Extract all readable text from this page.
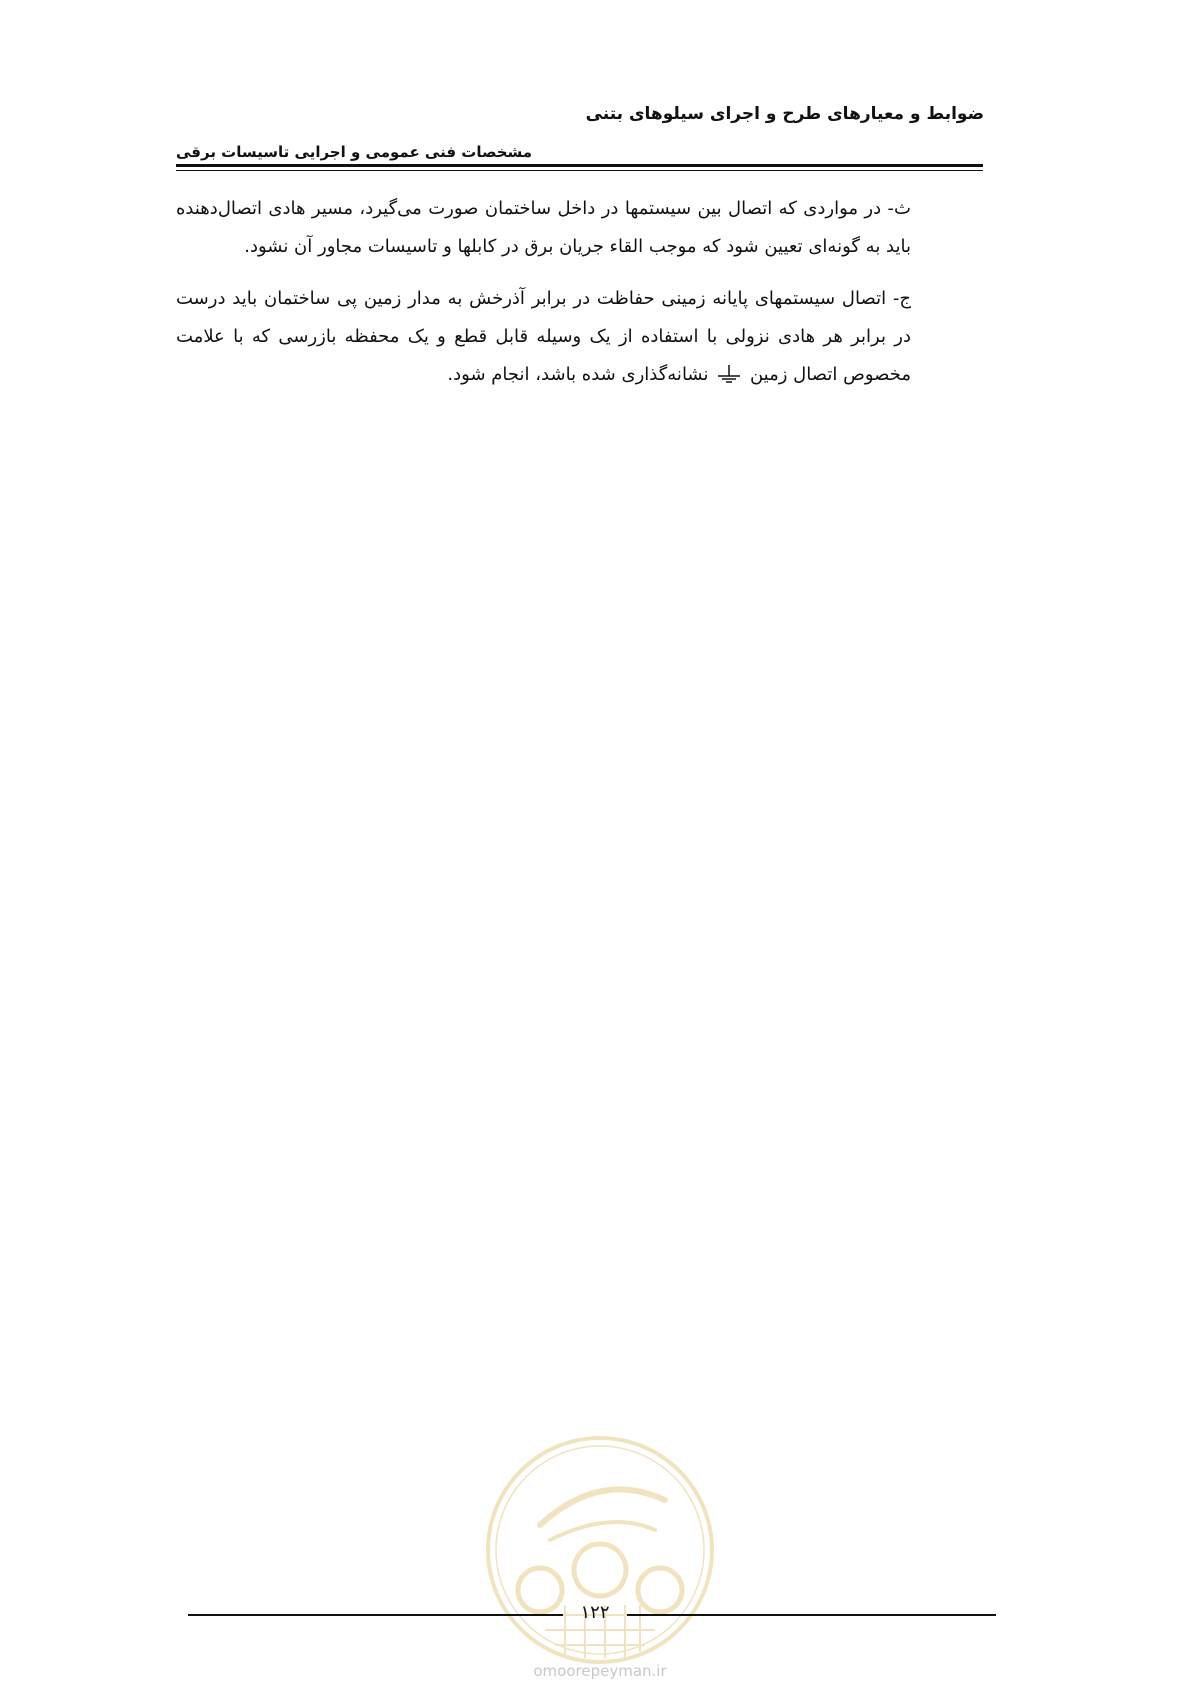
ضوابط و معیارهای طرح و اجرای سیلوهای بتنی
مشخصات فنی عمومی و اجرایی تاسیسات برقی

ث- در مواردی که اتصال بین سیستمها در داخل ساختمان صورت می‌گیرد، مسیر هادی اتصال‌دهنده باید به گونه‌ای تعیین شود که موجب القاء جریان برق در کابلها و تاسیسات مجاور آن نشود.

ج- اتصال سیستمهای پایانه زمینی حفاظت در برابر آذرخش به مدار زمین پی ساختمان باید درست در برابر هر هادی نزولی با استفاده از یک وسیله قابل قطع و یک محفظه بازرسی که با علامت مخصوص اتصال زمین  نشانه‌گذاری شده باشد، انجام شود.

۱۲۲
omoorepeyman.ir
